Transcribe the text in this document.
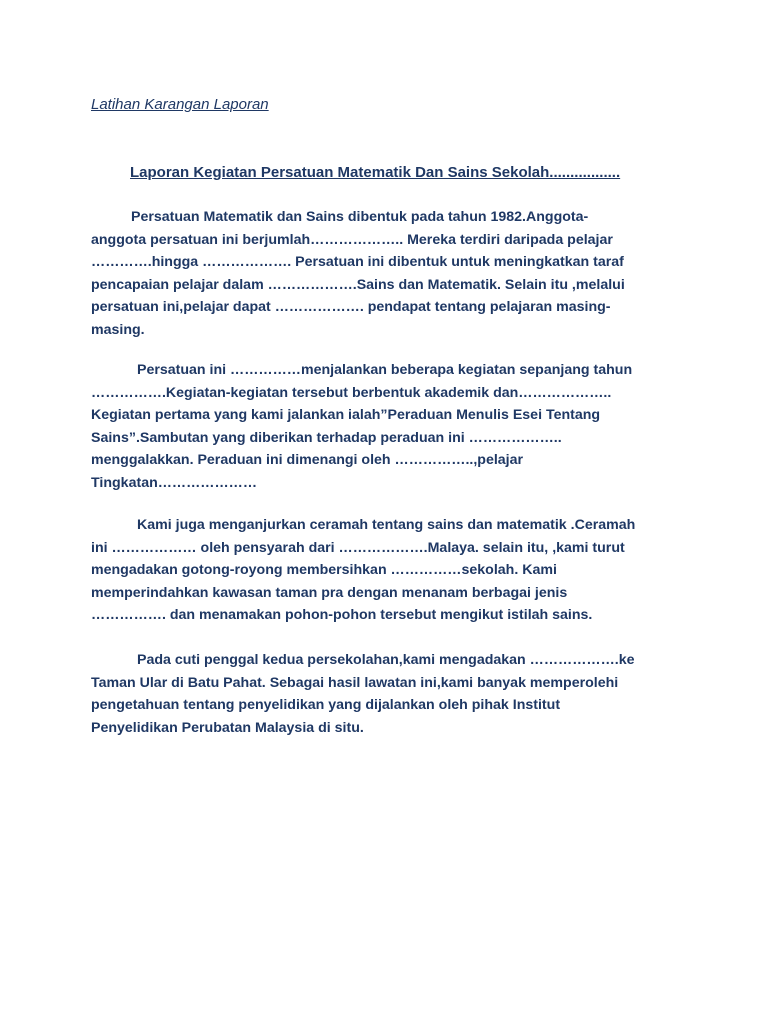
Latihan Karangan Laporan
Laporan Kegiatan Persatuan Matematik Dan Sains Sekolah.................
Persatuan Matematik dan Sains dibentuk pada tahun 1982.Anggota-
anggota persatuan ini berjumlah……………….. Mereka terdiri daripada pelajar
………….hingga ………………. Persatuan ini dibentuk untuk meningkatkan taraf
pencapaian pelajar dalam ……………….Sains dan Matematik. Selain itu ,melalui
persatuan ini,pelajar dapat ………………. pendapat tentang pelajaran masing-
masing.
Persatuan ini ……………menjalankan beberapa kegiatan sepanjang tahun
…………….Kegiatan-kegiatan tersebut berbentuk akademik dan………………..
Kegiatan pertama yang kami jalankan ialah”Peraduan Menulis Esei Tentang
Sains”.Sambutan yang diberikan terhadap peraduan ini ………………..
menggalakkan. Peraduan ini dimenangi oleh ……………..,pelajar
Tingkatan…………………
Kami juga menganjurkan ceramah tentang sains dan matematik .Ceramah
ini ……………… oleh pensyarah dari ……………….Malaya. selain itu, ,kami turut
mengadakan gotong-royong membersihkan ……………sekolah. Kami
memperindahkan kawasan taman pra dengan menanam berbagai jenis
……………. dan menamakan pohon-pohon tersebut mengikut istilah sains.
Pada cuti penggal kedua persekolahan,kami mengadakan ……………….ke
Taman Ular di Batu Pahat. Sebagai hasil lawatan ini,kami banyak memperolehi
pengetahuan tentang penyelidikan yang dijalankan oleh pihak Institut
Penyelidikan Perubatan Malaysia di situ.
